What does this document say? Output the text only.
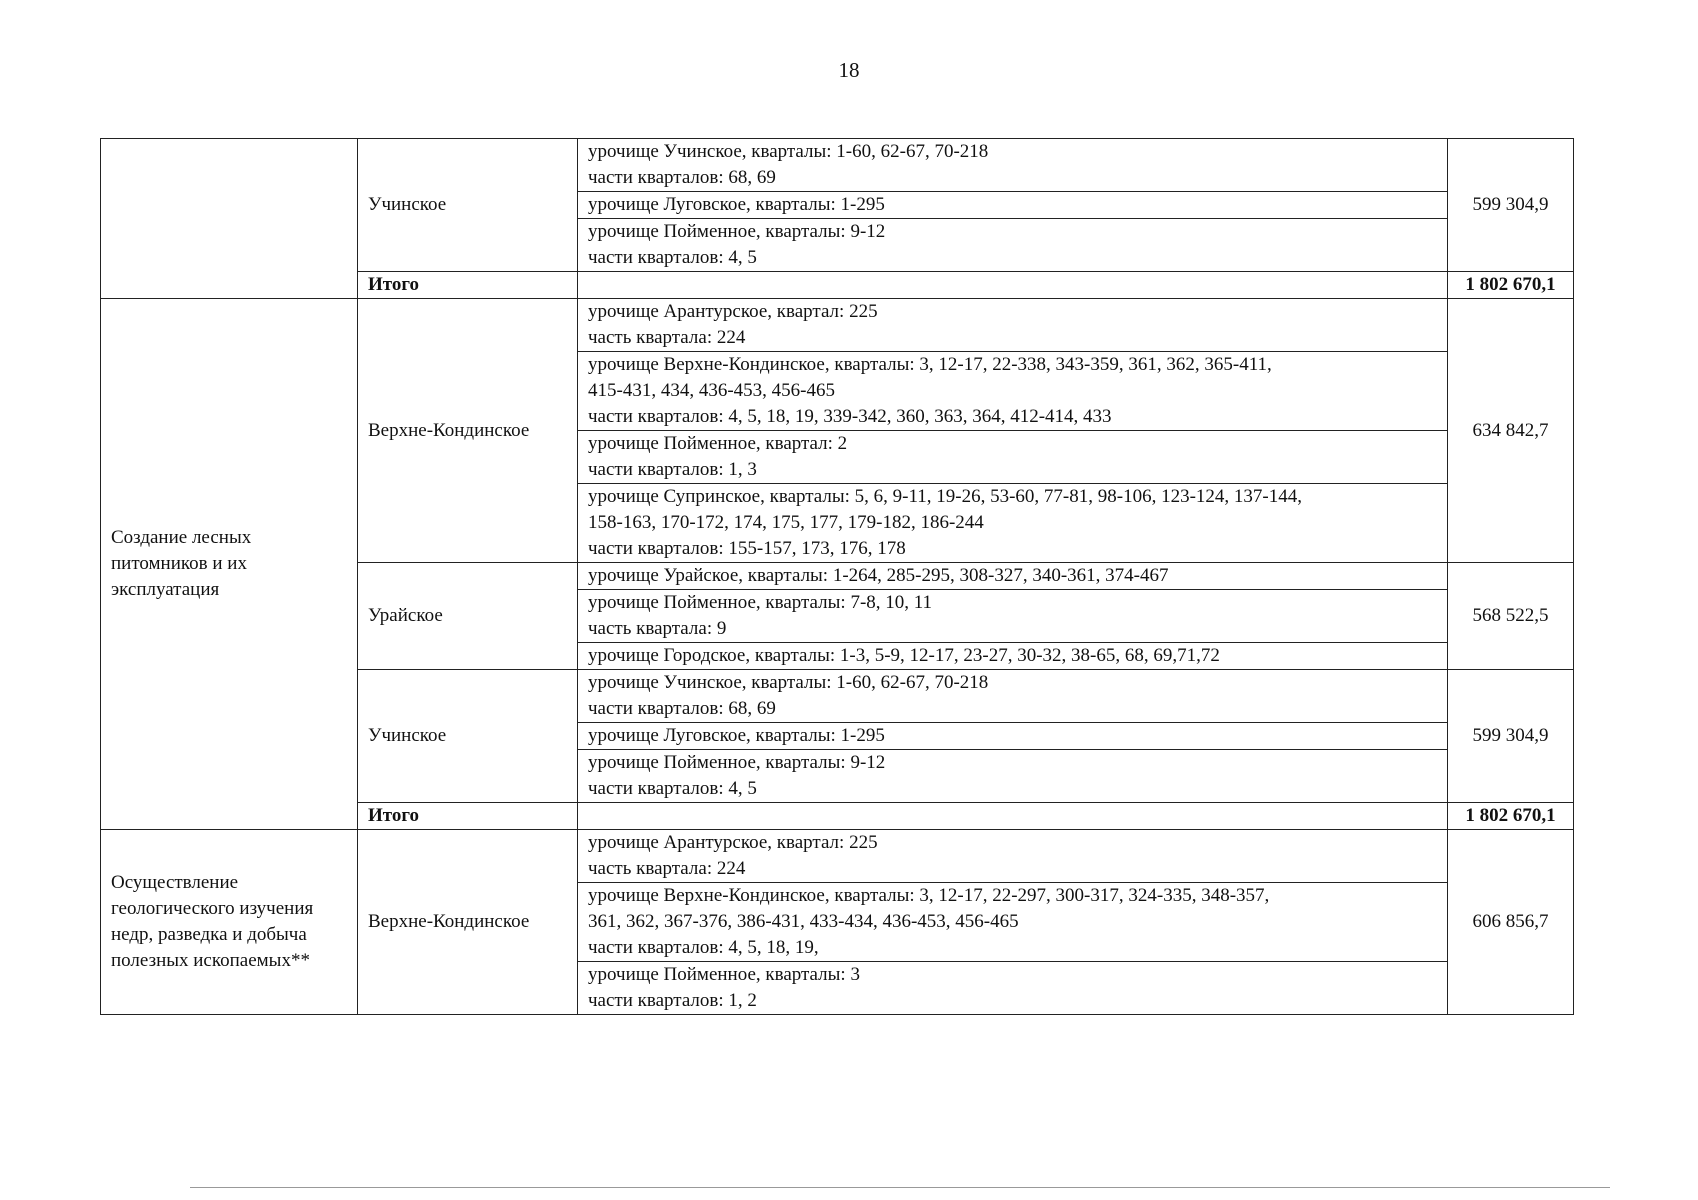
18
	Учинское	урочище Учинское, кварталы: 1-60, 62-67, 70-218
части кварталов: 68, 69	599 304,9

		урочище Луговское, кварталы: 1-295	

		урочище Пойменное, кварталы: 9-12
части кварталов: 4, 5	

	Итого		1 802 670,1
Создание лесных питомников и их эксплуатация	Верхне-Кондинское	урочище Арантурское, квартал: 225
часть квартала: 224	634 842,7

		урочище Верхне-Кондинское, кварталы: 3, 12-17, 22-338, 343-359, 361, 362, 365-411,
415-431, 434, 436-453, 456-465
части кварталов: 4, 5, 18, 19, 339-342, 360, 363, 364, 412-414, 433	

		урочище Пойменное, квартал: 2
части кварталов: 1, 3	

		урочище Супринское, кварталы: 5, 6, 9-11, 19-26, 53-60, 77-81, 98-106, 123-124, 137-144,
158-163, 170-172, 174, 175, 177, 179-182, 186-244
части кварталов: 155-157, 173, 176, 178	

	Урайское	урочище Урайское, кварталы: 1-264, 285-295, 308-327, 340-361, 374-467	568 522,5

		урочище Пойменное, кварталы: 7-8, 10, 11
часть квартала: 9	

		урочище Городское, кварталы: 1-3, 5-9, 12-17, 23-27, 30-32, 38-65, 68, 69,71,72	

	Учинское	урочище Учинское, кварталы: 1-60, 62-67, 70-218
части кварталов: 68, 69	599 304,9

		урочище Луговское, кварталы: 1-295	

		урочище Пойменное, кварталы: 9-12
части кварталов: 4, 5	

	Итого		1 802 670,1
Осуществление геологического изучения недр, разведка и добыча полезных ископаемых**	Верхне-Кондинское	урочище Арантурское, квартал: 225
часть квартала: 224	606 856,7

		урочище Верхне-Кондинское, кварталы: 3, 12-17, 22-297, 300-317, 324-335, 348-357,
361, 362, 367-376, 386-431, 433-434, 436-453, 456-465
части кварталов: 4, 5, 18, 19,	

		урочище Пойменное, кварталы: 3
части кварталов: 1, 2	
